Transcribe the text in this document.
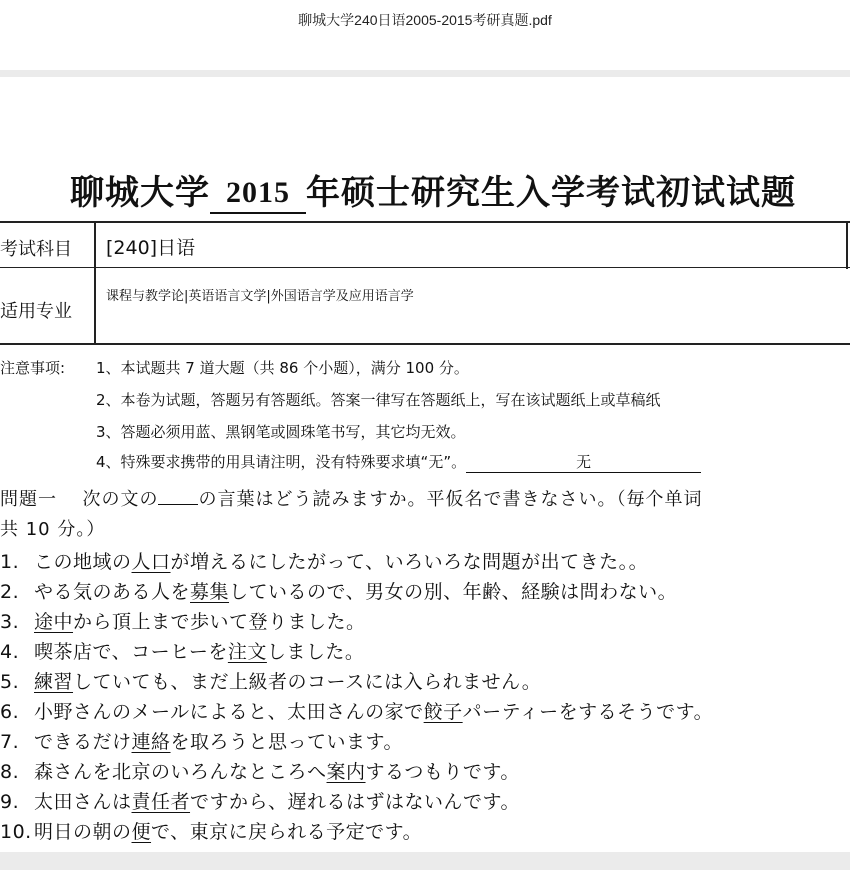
聊城大学240日语2005-2015考研真题.pdf
聊城大学 2015 年硕士研究生入学考试初试试题
考试科目 [240]日语
适用专业
课程与教学论|英语语言文学|外国语言学及应用语言学
注意事项: 1、本试题共 7 道大题（共 86 个小题），满分 100 分。
2、本卷为试题，答题另有答题纸。答案一律写在答题纸上，写在该试题纸上或草稿纸
3、答题必须用蓝、黑钢笔或圆珠笔书写，其它均无效。
4、特殊要求携带的用具请注明，没有特殊要求填“无”。	无
問題一 次の文の の言葉はどう読みますか。平仮名で書きなさい。（毎个单词
共 10 分。）
1. この地域の人口が増えるにしたがって、いろいろな問題が出てきた。。
2. やる気のある人を募集しているので、男女の別、年齢、経験は問わない。
3. 途中から頂上まで歩いて登りました。
4. 喫茶店で、コーヒーを注文しました。
5. 練習していても、まだ上級者のコースには入られません。
6. 小野さんのメールによると、太田さんの家で餃子パーティーをするそうです。
7. できるだけ連絡を取ろうと思っています。
8. 森さんを北京のいろんなところへ案内するつもりです。
9. 太田さんは責任者ですから、遅れるはずはないんです。
10. 明日の朝の便で、東京に戻られる予定です。
